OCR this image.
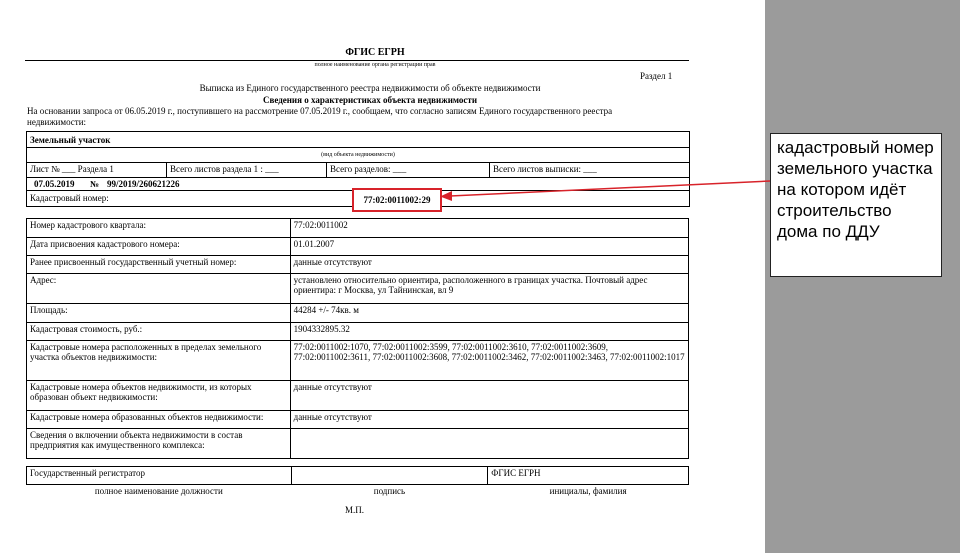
ФГИС ЕГРН
полное наименование органа регистрации прав
Раздел 1
Выписка из Единого государственного реестра недвижимости об объекте недвижимости
Сведения о характеристиках объекта недвижимости
На основании запроса от 06.05.2019 г., поступившего на рассмотрение 07.05.2019 г., сообщаем, что согласно записям Единого государственного реестра
недвижимости:
Земельный участок
(вид объекта недвижимости)
Лист № ___ Раздела 1	Всего листов раздела 1 : ___	Всего разделов: ___	Всего листов выписки: ___
07.05.2019 № 99/2019/260621226
Кадастровый номер:	77:02:0011002:29
Номер кадастрового квартала:	77:02:0011002
Дата присвоения кадастрового номера:	01.01.2007
Ранее присвоенный государственный учетный номер:	данные отсутствуют
Адрес:	установлено относительно ориентира, расположенного в границах участка. Почтовый адрес ориентира: г Москва, ул Тайнинская, вл 9
Площадь:	44284 +/- 74кв. м
Кадастровая стоимость, руб.:	1904332895.32
Кадастровые номера расположенных в пределах земельного участка объектов недвижимости:	77:02:0011002:1070, 77:02:0011002:3599, 77:02:0011002:3610, 77:02:0011002:3609, 77:02:0011002:3611, 77:02:0011002:3608, 77:02:0011002:3462, 77:02:0011002:3463, 77:02:0011002:1017
Кадастровые номера объектов недвижимости, из которых образован объект недвижимости:	данные отсутствуют
Кадастровые номера образованных объектов недвижимости:	данные отсутствуют
Сведения о включении объекта недвижимости в состав предприятия как имущественного комплекса:	
Государственный регистратор		ФГИС ЕГРН
полное наименование должности	подпись	инициалы, фамилия
М.П.
кадастровый номер земельного участка на котором идёт строительство дома по ДДУ
